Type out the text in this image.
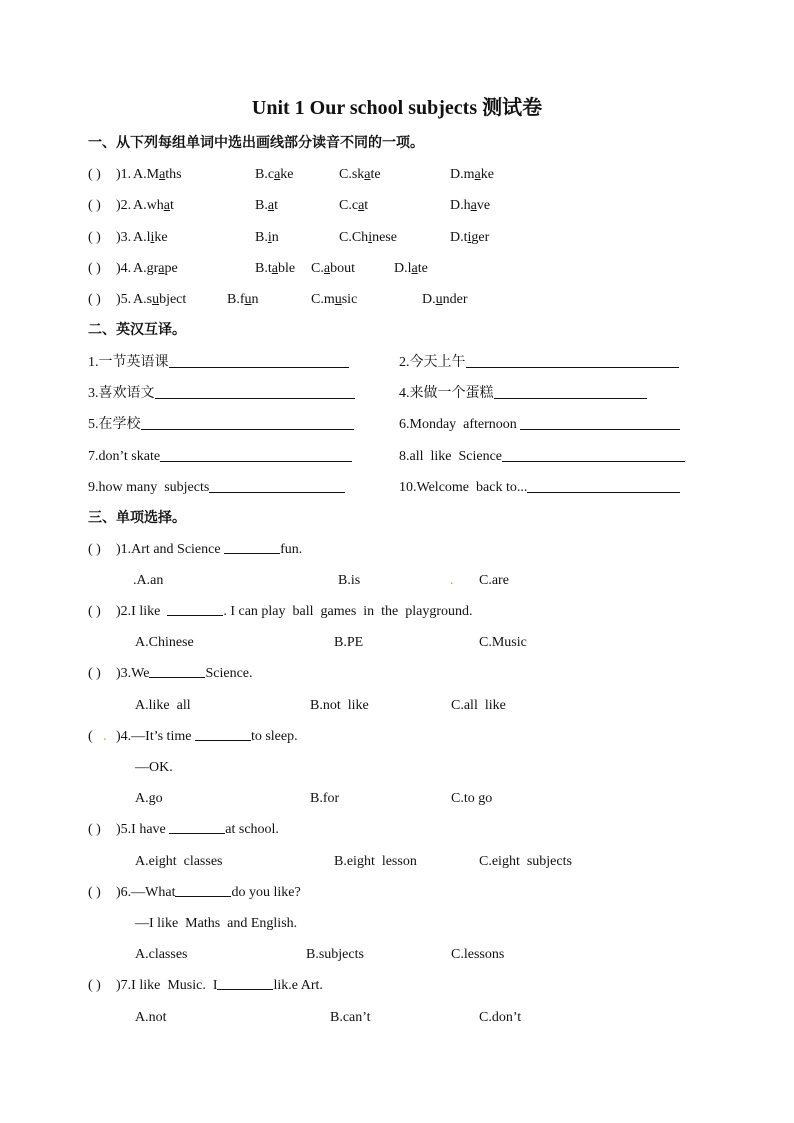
Unit 1 Our school subjects 测试卷
一、从下列每组单词中选出画线部分读音不同的一项。
( ) )1. A.Maths	B.cake	C.skate	D.make
( ) )2. A.what	B.at	C.cat	D.have
( ) )3. A.like	B.in	C.Chinese	D.tiger
( ) )4. A.grape	B.table C.about	D.late
( ) )5. A.subject	B.fun	C.music	D.under
二、英汉互译。
1.一节英语课	2.今天上午
3.喜欢语文	4.来做一个蛋糕
5.在学校	6.Monday  afternoon
7.don’t skate	8.all  like  Science
9.how many  subjects	10.Welcome  back to...
三、单项选择。
( ) )1.Art and Science	fun.
.A.an	B.is	. C.are
( ) )2.I like	. I can play  ball  games  in  the  playground.
A.Chinese	B.PE	C.Music
( ) )3.We	Science.
A.like  all	B.not  like	C.all  like
( . )4.—It’s time	to sleep.
—OK.
A.go	B.for	C.to go
( ) )5.I have	at school.
A.eight  classes	B.eight  lesson	C.eight  subjects
( ) )6.—What	do you like?
—I like  Maths  and English.
A.classes	B.subjects	C.lessons
( ) )7.I like  Music.  I	lik.e Art.
A.not	B.can’t	C.don’t
